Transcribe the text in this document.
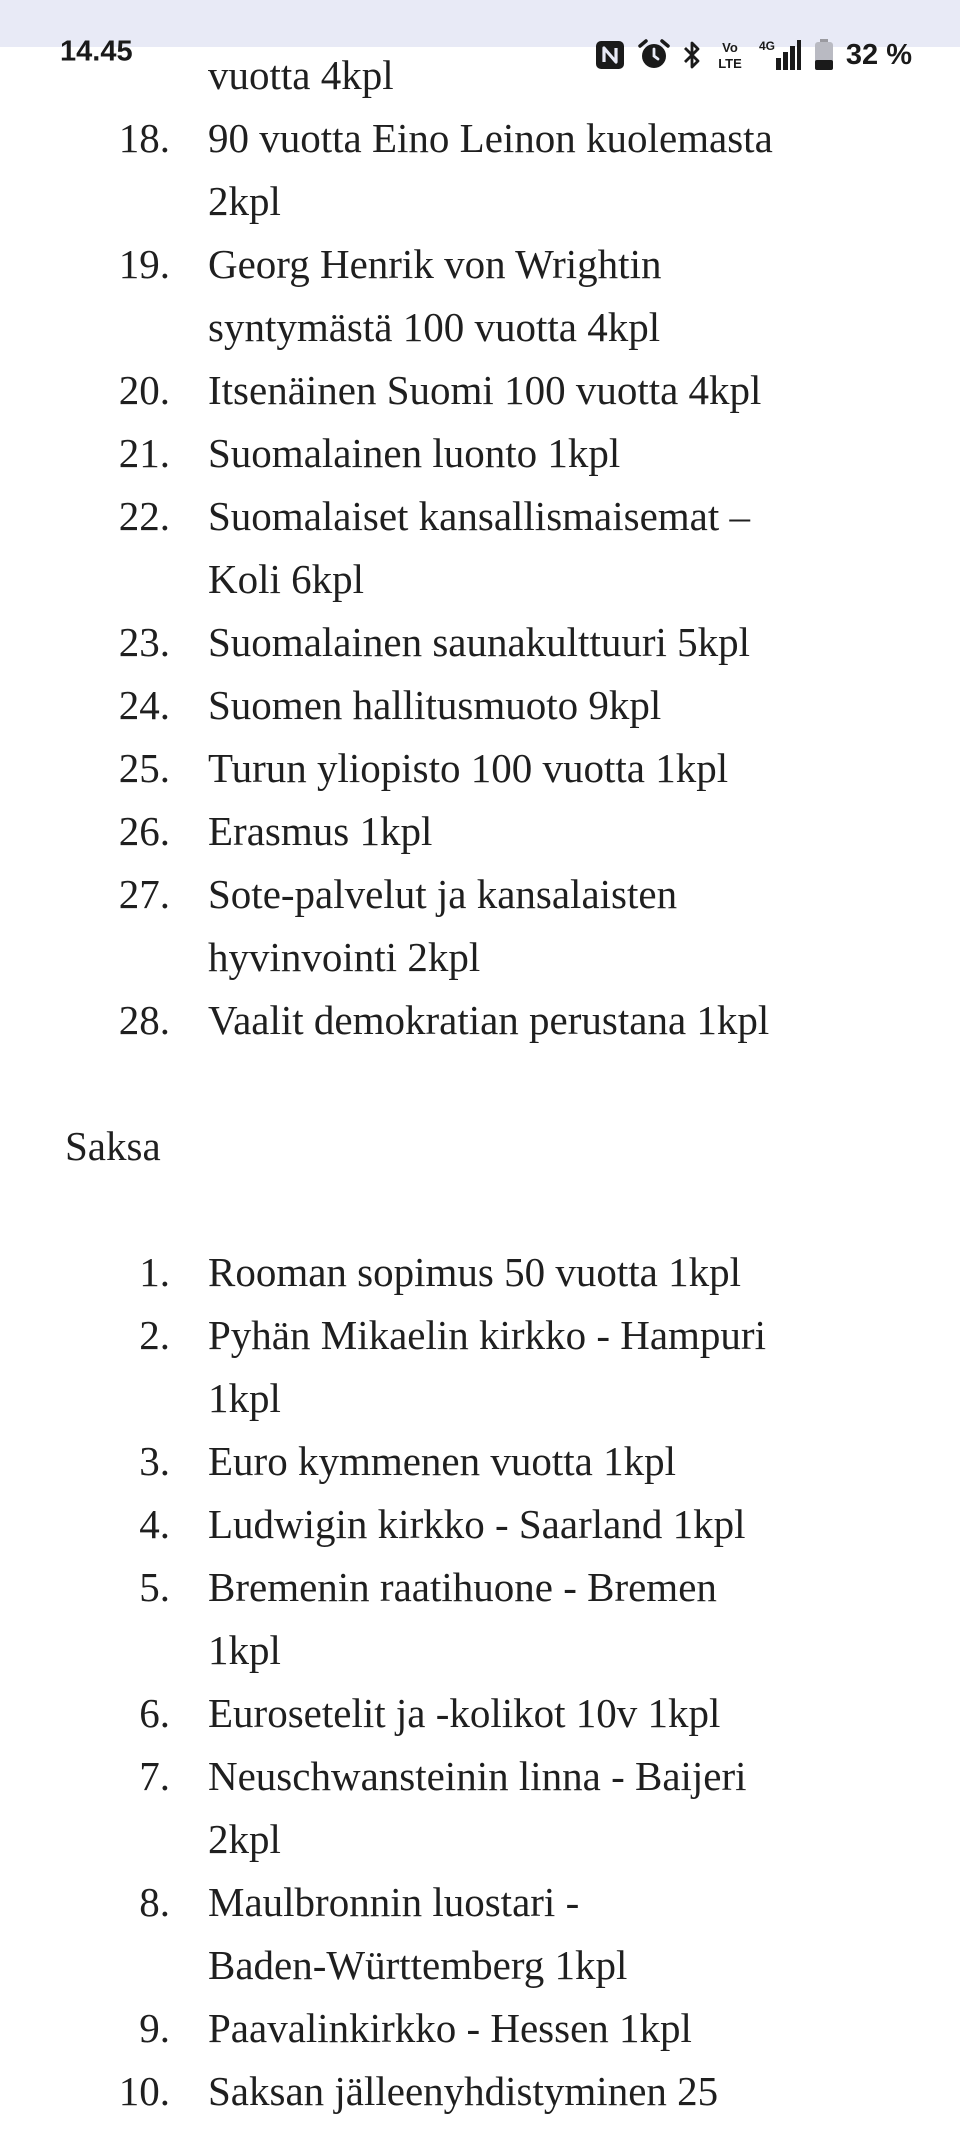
14.45	Vo
LTE
4G 32 %
vuotta 4kpl
18. 90 vuotta Eino Leinon kuolemasta
2kpl
19. Georg Henrik von Wrightin
syntymästä 100 vuotta 4kpl
20. Itsenäinen Suomi 100 vuotta 4kpl
21. Suomalainen luonto 1kpl
22. Suomalaiset kansallismaisemat –
Koli 6kpl
23. Suomalainen saunakulttuuri 5kpl
24. Suomen hallitusmuoto 9kpl
25. Turun yliopisto 100 vuotta 1kpl
26. Erasmus 1kpl
27. Sote-palvelut ja kansalaisten
hyvinvointi 2kpl
28. Vaalit demokratian perustana 1kpl
Saksa
1. Rooman sopimus 50 vuotta 1kpl
2. Pyhän Mikaelin kirkko - Hampuri
1kpl
3. Euro kymmenen vuotta 1kpl
4. Ludwigin kirkko - Saarland 1kpl
5. Bremenin raatihuone - Bremen
1kpl
6. Eurosetelit ja -kolikot 10v 1kpl
7. Neuschwansteinin linna - Baijeri
2kpl
8. Maulbronnin luostari -
Baden-Württemberg 1kpl
9. Paavalinkirkko - Hessen 1kpl
10. Saksan jälleenyhdistyminen 25
